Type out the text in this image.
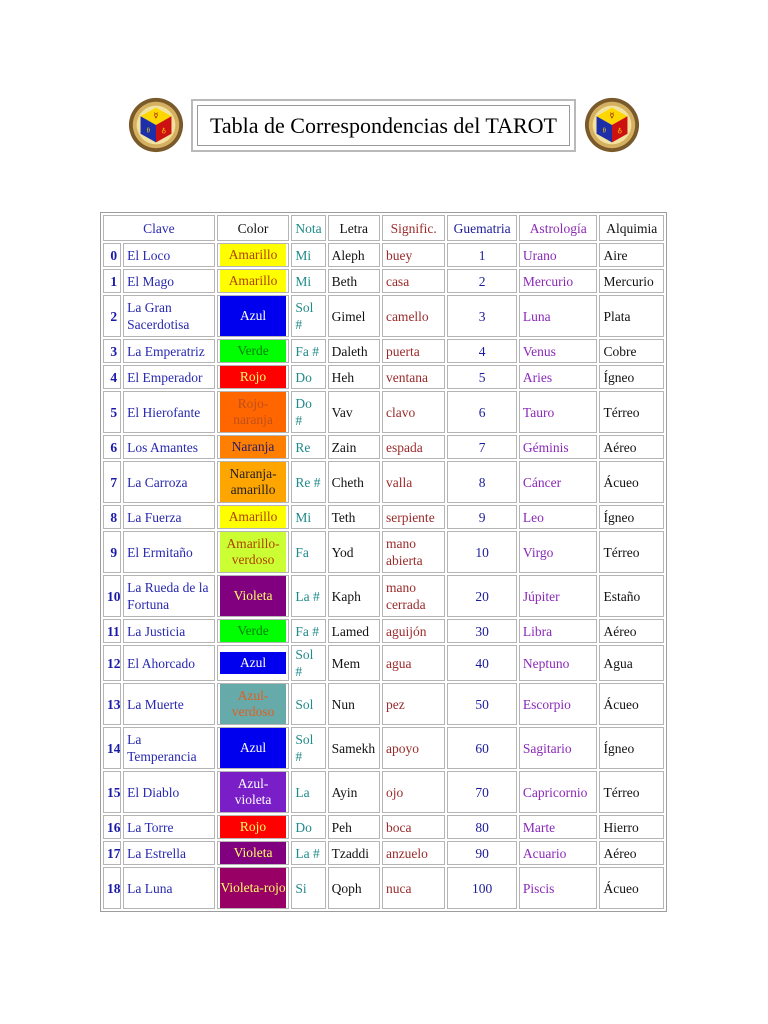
☿
θ ♁ Tabla de Correspondencias del TAROT	☿
θ ♁
Clave		Color	Nota	Letra	Signific.	Guematria	Astrología	Alquimia
0	El Loco	Amarillo	Mi	Aleph	buey	1	Urano	Aire
1	El Mago	Amarillo	Mi	Beth	casa	2	Mercurio	Mercurio
2	La Gran Sacerdotisa	Azul	Sol #	Gimel	camello	3	Luna	Plata
3	La Emperatriz	Verde	Fa #	Daleth	puerta	4	Venus	Cobre
4	El Emperador	Rojo	Do	Heh	ventana	5	Aries	Ígneo
5	El Hierofante	Rojo-naranja	Do #	Vav	clavo	6	Tauro	Térreo
6	Los Amantes	Naranja	Re	Zain	espada	7	Géminis	Aéreo
7	La Carroza	Naranja-amarillo	Re #	Cheth	valla	8	Cáncer	Ácueo
8	La Fuerza	Amarillo	Mi	Teth	serpiente	9	Leo	Ígneo
9	El Ermitaño	Amarillo-verdoso	Fa	Yod	mano abierta	10	Virgo	Térreo
10	La Rueda de la Fortuna	Violeta	La #	Kaph	mano cerrada	20	Júpiter	Estaño
11	La Justicia	Verde	Fa #	Lamed	aguijón	30	Libra	Aéreo
12	El Ahorcado	Azul	Sol #	Mem	agua	40	Neptuno	Agua
13	La Muerte	Azul-verdoso	Sol	Nun	pez	50	Escorpio	Ácueo
14	La Temperancia	Azul	Sol #	Samekh	apoyo	60	Sagitario	Ígneo
15	El Diablo	Azul-violeta	La	Ayin	ojo	70	Capricornio	Térreo
16	La Torre	Rojo	Do	Peh	boca	80	Marte	Hierro
17	La Estrella	Violeta	La #	Tzaddi	anzuelo	90	Acuario	Aéreo
18	La Luna	Violeta-rojo	Si	Qoph	nuca	100	Piscis	Ácueo
